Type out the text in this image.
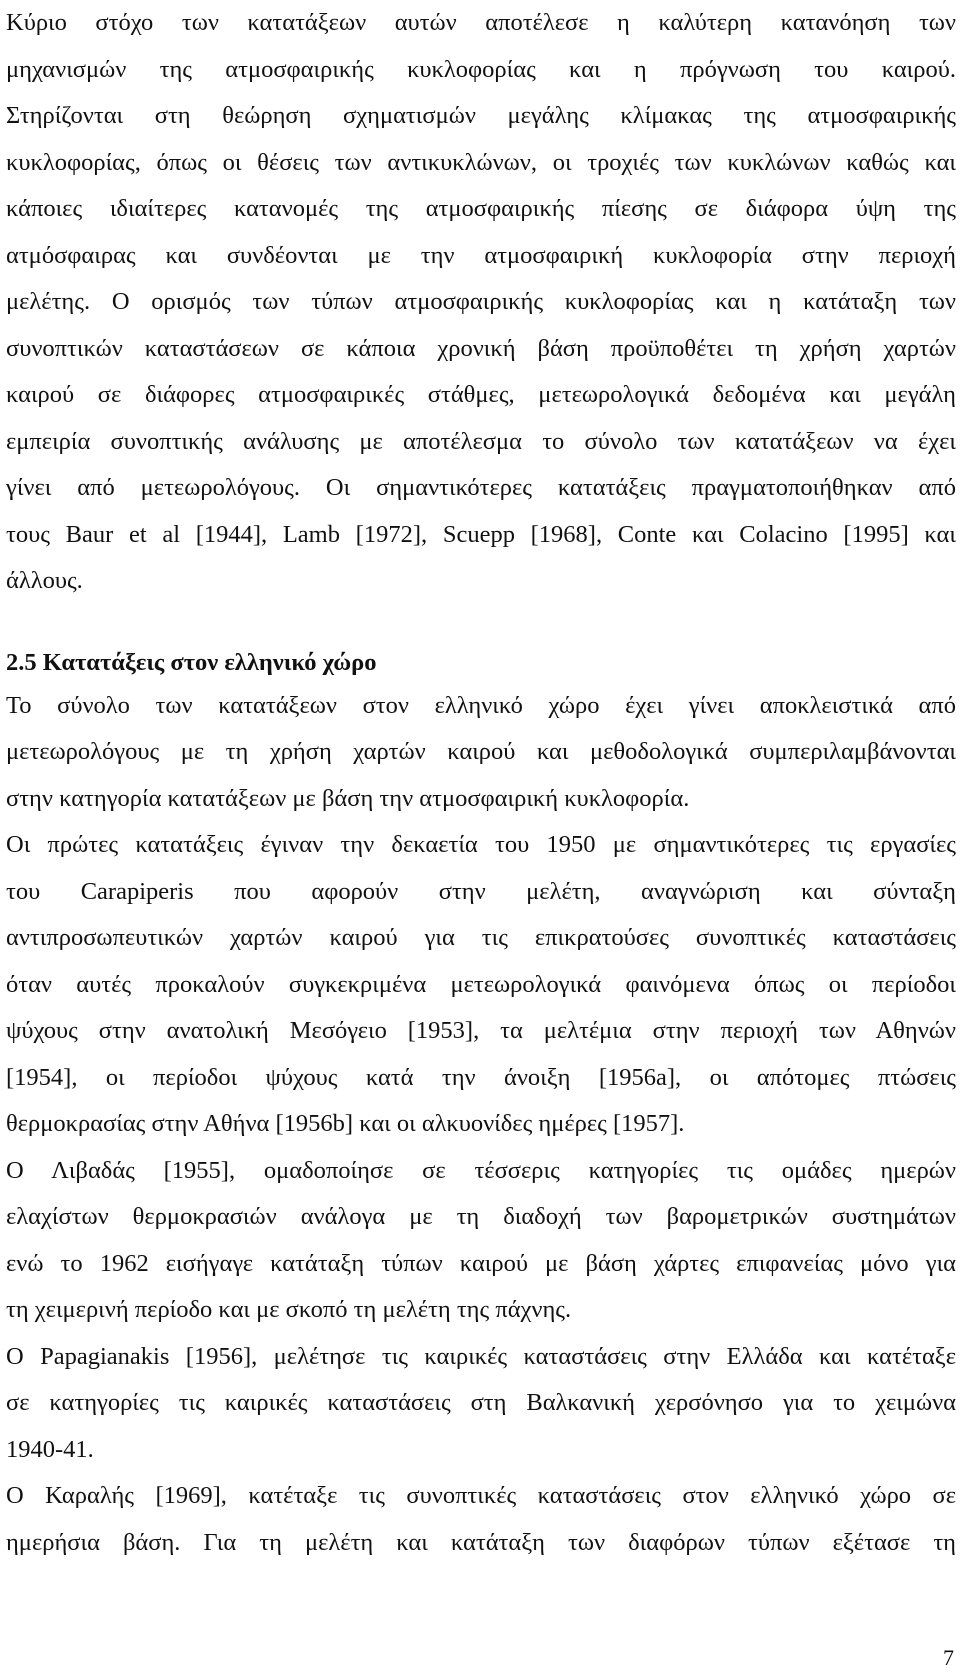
Κύριο στόχο των κατατάξεων αυτών αποτέλεσε η καλύτερη κατανόηση των
μηχανισμών της ατμοσφαιρικής κυκλοφορίας και η πρόγνωση του καιρού.
Στηρίζονται στη θεώρηση σχηματισμών μεγάλης κλίμακας της ατμοσφαιρικής
κυκλοφορίας, όπως οι θέσεις των αντικυκλώνων, οι τροχιές των κυκλώνων καθώς και
κάποιες ιδιαίτερες κατανομές της ατμοσφαιρικής πίεσης σε διάφορα ύψη της
ατμόσφαιρας και συνδέονται με την ατμοσφαιρική κυκλοφορία στην περιοχή
μελέτης. Ο ορισμός των τύπων ατμοσφαιρικής κυκλοφορίας και η κατάταξη των
συνοπτικών καταστάσεων σε κάποια χρονική βάση προϋποθέτει τη χρήση χαρτών
καιρού σε διάφορες ατμοσφαιρικές στάθμες, μετεωρολογικά δεδομένα και μεγάλη
εμπειρία συνοπτικής ανάλυσης με αποτέλεσμα το σύνολο των κατατάξεων να έχει
γίνει από μετεωρολόγους. Οι σημαντικότερες κατατάξεις πραγματοποιήθηκαν από
τους Baur et al [1944], Lamb [1972], Scuepp [1968], Conte και Colacino [1995] και
άλλους.
2.5 Κατατάξεις στον ελληνικό χώρο
Το σύνολο των κατατάξεων στον ελληνικό χώρο έχει γίνει αποκλειστικά από
μετεωρολόγους με τη χρήση χαρτών καιρού και μεθοδολογικά συμπεριλαμβάνονται
στην κατηγορία κατατάξεων με βάση την ατμοσφαιρική κυκλοφορία.
Οι πρώτες κατατάξεις έγιναν την δεκαετία του 1950 με σημαντικότερες τις εργασίες
του Carapiperis που αφορούν στην μελέτη, αναγνώριση και σύνταξη
αντιπροσωπευτικών χαρτών καιρού για τις επικρατούσες συνοπτικές καταστάσεις
όταν αυτές προκαλούν συγκεκριμένα μετεωρολογικά φαινόμενα όπως οι περίοδοι
ψύχους στην ανατολική Μεσόγειο [1953], τα μελτέμια στην περιοχή των Αθηνών
[1954], οι περίοδοι ψύχους κατά την άνοιξη [1956a], οι απότομες πτώσεις
θερμοκρασίας στην Αθήνα [1956b] και οι αλκυονίδες ημέρες [1957].
Ο Λιβαδάς [1955], ομαδοποίησε σε τέσσερις κατηγορίες τις ομάδες ημερών
ελαχίστων θερμοκρασιών ανάλογα με τη διαδοχή των βαρομετρικών συστημάτων
ενώ το 1962 εισήγαγε κατάταξη τύπων καιρού με βάση χάρτες επιφανείας μόνο για
τη χειμερινή περίοδο και με σκοπό τη μελέτη της πάχνης.
Ο Papagianakis [1956], μελέτησε τις καιρικές καταστάσεις στην Ελλάδα και κατέταξε
σε κατηγορίες τις καιρικές καταστάσεις στη Βαλκανική χερσόνησο για το χειμώνα
1940-41.
Ο Καραλής [1969], κατέταξε τις συνοπτικές καταστάσεις στον ελληνικό χώρο σε
ημερήσια βάση. Για τη μελέτη και κατάταξη των διαφόρων τύπων εξέτασε τη
7
